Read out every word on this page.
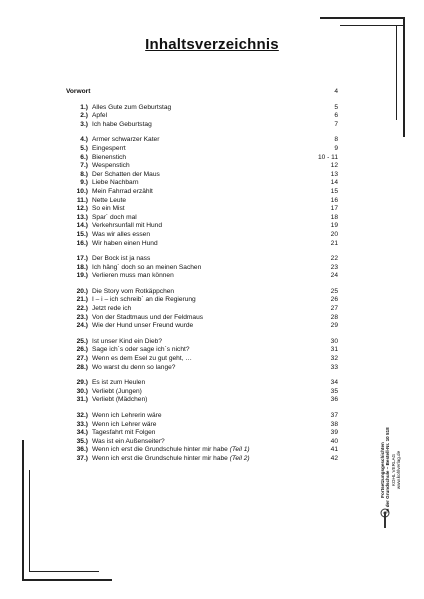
Inhaltsverzeichnis
Vorwort	4
1.) Alles Gute zum Geburtstag	5
2.) Apfel	6
3.) Ich habe Geburtstag	7
4.) Armer schwarzer Kater	8
5.) Eingesperrt	9
6.) Bienenstich	10 - 11
7.) Wespenstich	12
8.) Der Schatten der Maus	13
9.) Liebe Nachbarn	14
10.) Mein Fahrrad erzählt	15
11.) Nette Leute	16
12.) So ein Mist	17
13.) Spar´ doch mal	18
14.) Verkehrsunfall mit Hund	19
15.) Was wir alles essen	20
16.) Wir haben einen Hund	21
17.) Der Bock ist ja nass	22
18.) Ich häng´ doch so an meinen Sachen	23
19.) Verlieren muss man können	24
20.) Die Story vom Rotkäppchen	25
21.) I – i – ich schreib´ an die Regierung	26
22.) Jetzt rede ich	27
23.) Von der Stadtmaus und der Feldmaus	28
24.) Wie der Hund unser Freund wurde	29
25.) Ist unser Kind ein Dieb?	30
26.) Sage ich´s oder sage ich´s nicht?	31
27.) Wenn es dem Esel zu gut geht, …	32
28.) Wo warst du denn so lange?	33
29.) Es ist zum Heulen	34
30.) Verliebt (Jungen)	35
31.) Verliebt (Mädchen)	36
32.) Wenn ich Lehrerin wäre	37
33.) Wenn ich Lehrer wäre	38
34.) Tagesfahrt mit Folgen	39
35.) Was ist ein Außenseiter?	40
36.) Wenn ich erst die Grundschule hinter mir habe (Teil 1)	41
37.) Wenn ich erst die Grundschule hinter mir habe (Teil 2)	42	Fortsetzungsgeschichten in der Grundschule – Bestell-Nr. 10 518 KOHL VERLAG www.kohlverlag.de
